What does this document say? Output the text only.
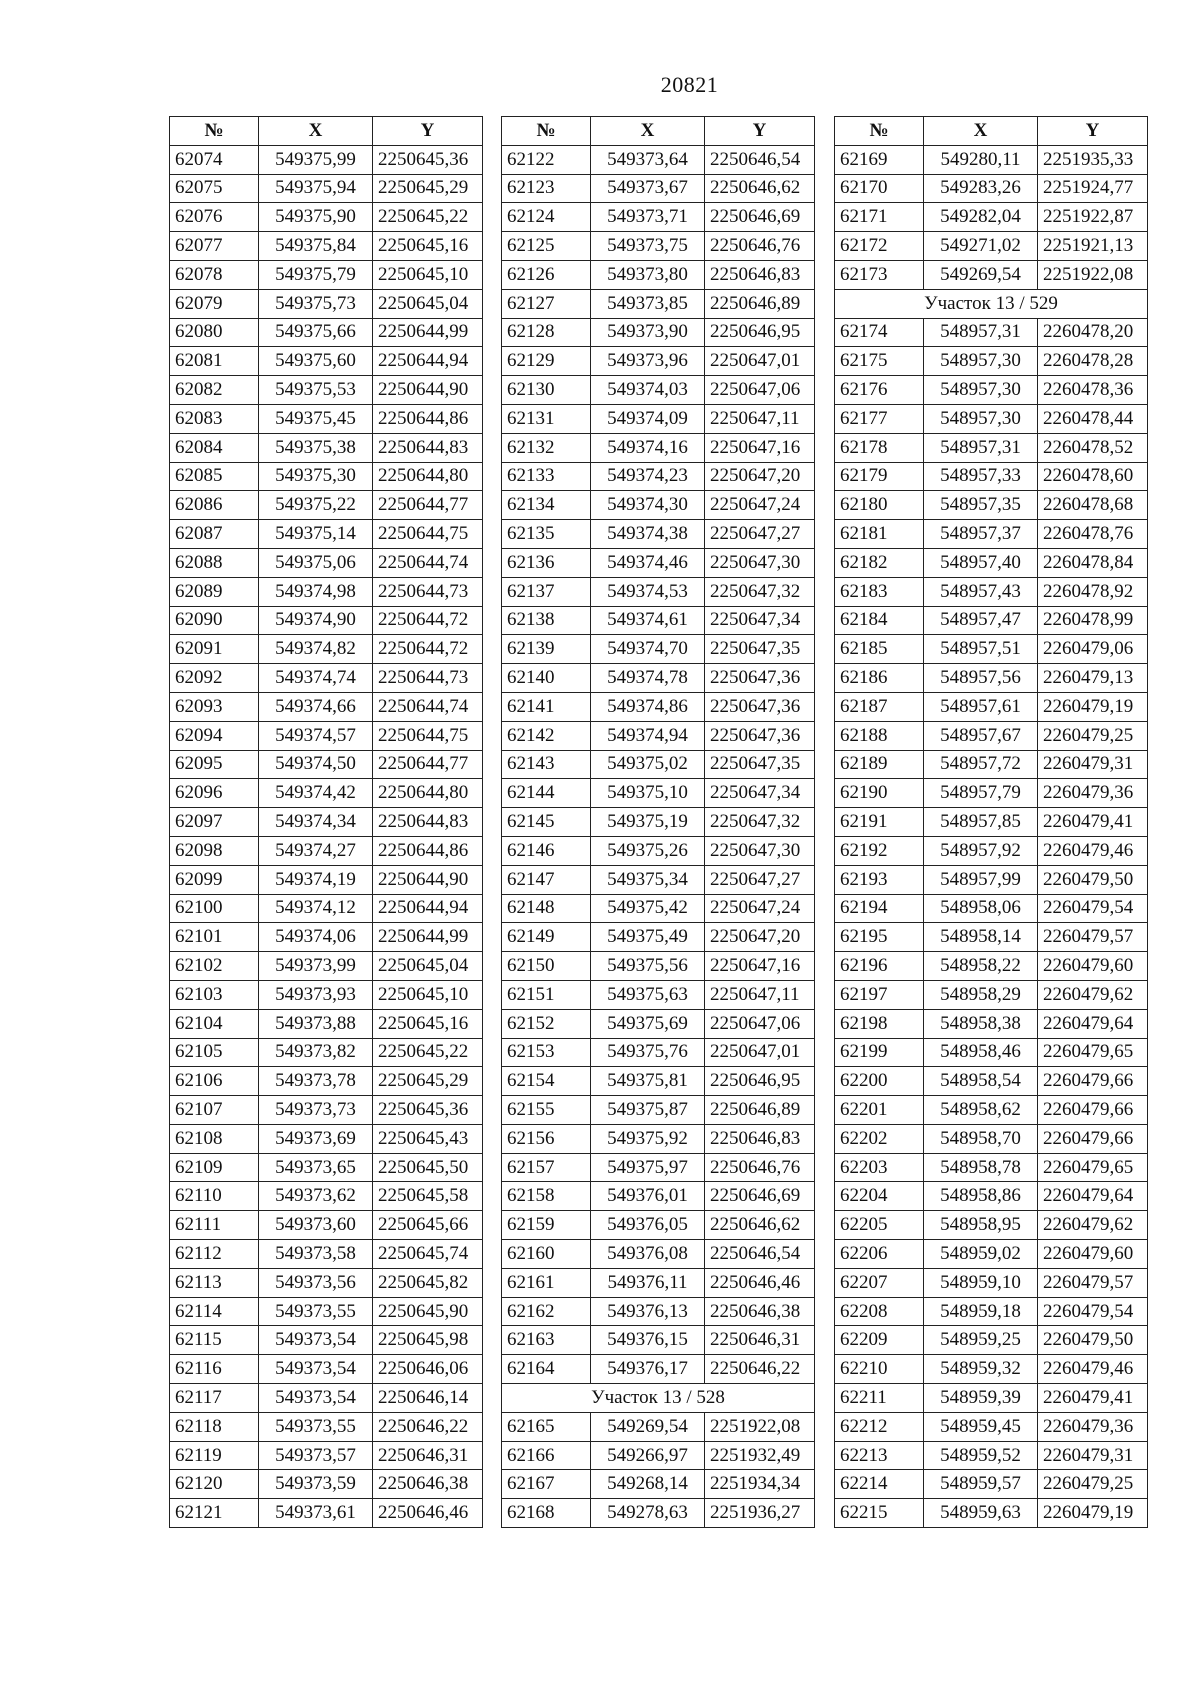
20821
№	X	Y
62074	549375,99	2250645,36
62075	549375,94	2250645,29
62076	549375,90	2250645,22
62077	549375,84	2250645,16
62078	549375,79	2250645,10
62079	549375,73	2250645,04
62080	549375,66	2250644,99
62081	549375,60	2250644,94
62082	549375,53	2250644,90
62083	549375,45	2250644,86
62084	549375,38	2250644,83
62085	549375,30	2250644,80
62086	549375,22	2250644,77
62087	549375,14	2250644,75
62088	549375,06	2250644,74
62089	549374,98	2250644,73
62090	549374,90	2250644,72
62091	549374,82	2250644,72
62092	549374,74	2250644,73
62093	549374,66	2250644,74
62094	549374,57	2250644,75
62095	549374,50	2250644,77
62096	549374,42	2250644,80
62097	549374,34	2250644,83
62098	549374,27	2250644,86
62099	549374,19	2250644,90
62100	549374,12	2250644,94
62101	549374,06	2250644,99
62102	549373,99	2250645,04
62103	549373,93	2250645,10
62104	549373,88	2250645,16
62105	549373,82	2250645,22
62106	549373,78	2250645,29
62107	549373,73	2250645,36
62108	549373,69	2250645,43
62109	549373,65	2250645,50
62110	549373,62	2250645,58
62111	549373,60	2250645,66
62112	549373,58	2250645,74
62113	549373,56	2250645,82
62114	549373,55	2250645,90
62115	549373,54	2250645,98
62116	549373,54	2250646,06
62117	549373,54	2250646,14
62118	549373,55	2250646,22
62119	549373,57	2250646,31
62120	549373,59	2250646,38
62121	549373,61	2250646,46
№	X	Y
62122	549373,64	2250646,54
62123	549373,67	2250646,62
62124	549373,71	2250646,69
62125	549373,75	2250646,76
62126	549373,80	2250646,83
62127	549373,85	2250646,89
62128	549373,90	2250646,95
62129	549373,96	2250647,01
62130	549374,03	2250647,06
62131	549374,09	2250647,11
62132	549374,16	2250647,16
62133	549374,23	2250647,20
62134	549374,30	2250647,24
62135	549374,38	2250647,27
62136	549374,46	2250647,30
62137	549374,53	2250647,32
62138	549374,61	2250647,34
62139	549374,70	2250647,35
62140	549374,78	2250647,36
62141	549374,86	2250647,36
62142	549374,94	2250647,36
62143	549375,02	2250647,35
62144	549375,10	2250647,34
62145	549375,19	2250647,32
62146	549375,26	2250647,30
62147	549375,34	2250647,27
62148	549375,42	2250647,24
62149	549375,49	2250647,20
62150	549375,56	2250647,16
62151	549375,63	2250647,11
62152	549375,69	2250647,06
62153	549375,76	2250647,01
62154	549375,81	2250646,95
62155	549375,87	2250646,89
62156	549375,92	2250646,83
62157	549375,97	2250646,76
62158	549376,01	2250646,69
62159	549376,05	2250646,62
62160	549376,08	2250646,54
62161	549376,11	2250646,46
62162	549376,13	2250646,38
62163	549376,15	2250646,31
62164	549376,17	2250646,22
Участок 13 / 528		
62165	549269,54	2251922,08
62166	549266,97	2251932,49
62167	549268,14	2251934,34
62168	549278,63	2251936,27
№	X	Y
62169	549280,11	2251935,33
62170	549283,26	2251924,77
62171	549282,04	2251922,87
62172	549271,02	2251921,13
62173	549269,54	2251922,08
Участок 13 / 529		
62174	548957,31	2260478,20
62175	548957,30	2260478,28
62176	548957,30	2260478,36
62177	548957,30	2260478,44
62178	548957,31	2260478,52
62179	548957,33	2260478,60
62180	548957,35	2260478,68
62181	548957,37	2260478,76
62182	548957,40	2260478,84
62183	548957,43	2260478,92
62184	548957,47	2260478,99
62185	548957,51	2260479,06
62186	548957,56	2260479,13
62187	548957,61	2260479,19
62188	548957,67	2260479,25
62189	548957,72	2260479,31
62190	548957,79	2260479,36
62191	548957,85	2260479,41
62192	548957,92	2260479,46
62193	548957,99	2260479,50
62194	548958,06	2260479,54
62195	548958,14	2260479,57
62196	548958,22	2260479,60
62197	548958,29	2260479,62
62198	548958,38	2260479,64
62199	548958,46	2260479,65
62200	548958,54	2260479,66
62201	548958,62	2260479,66
62202	548958,70	2260479,66
62203	548958,78	2260479,65
62204	548958,86	2260479,64
62205	548958,95	2260479,62
62206	548959,02	2260479,60
62207	548959,10	2260479,57
62208	548959,18	2260479,54
62209	548959,25	2260479,50
62210	548959,32	2260479,46
62211	548959,39	2260479,41
62212	548959,45	2260479,36
62213	548959,52	2260479,31
62214	548959,57	2260479,25
62215	548959,63	2260479,19
